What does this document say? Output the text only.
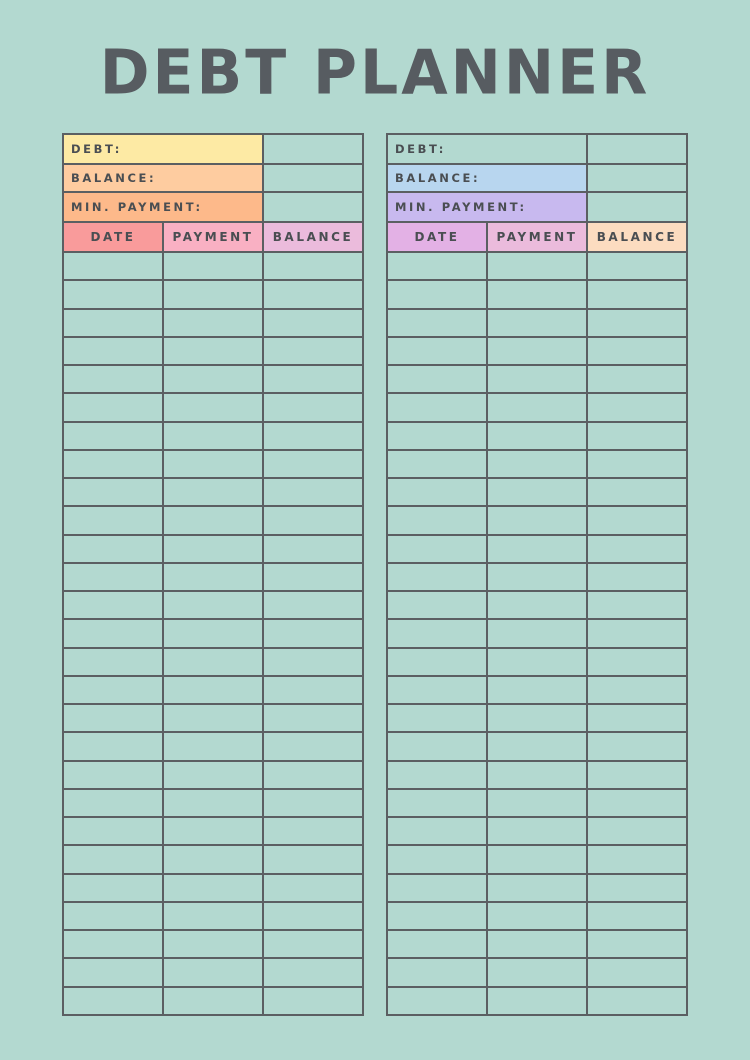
DEBT PLANNER
DEBT:
BALANCE:
MIN. PAYMENT:
DATE	PAYMENT	BALANCE
DEBT:
BALANCE:
MIN. PAYMENT:
DATE	PAYMENT	BALANCE
